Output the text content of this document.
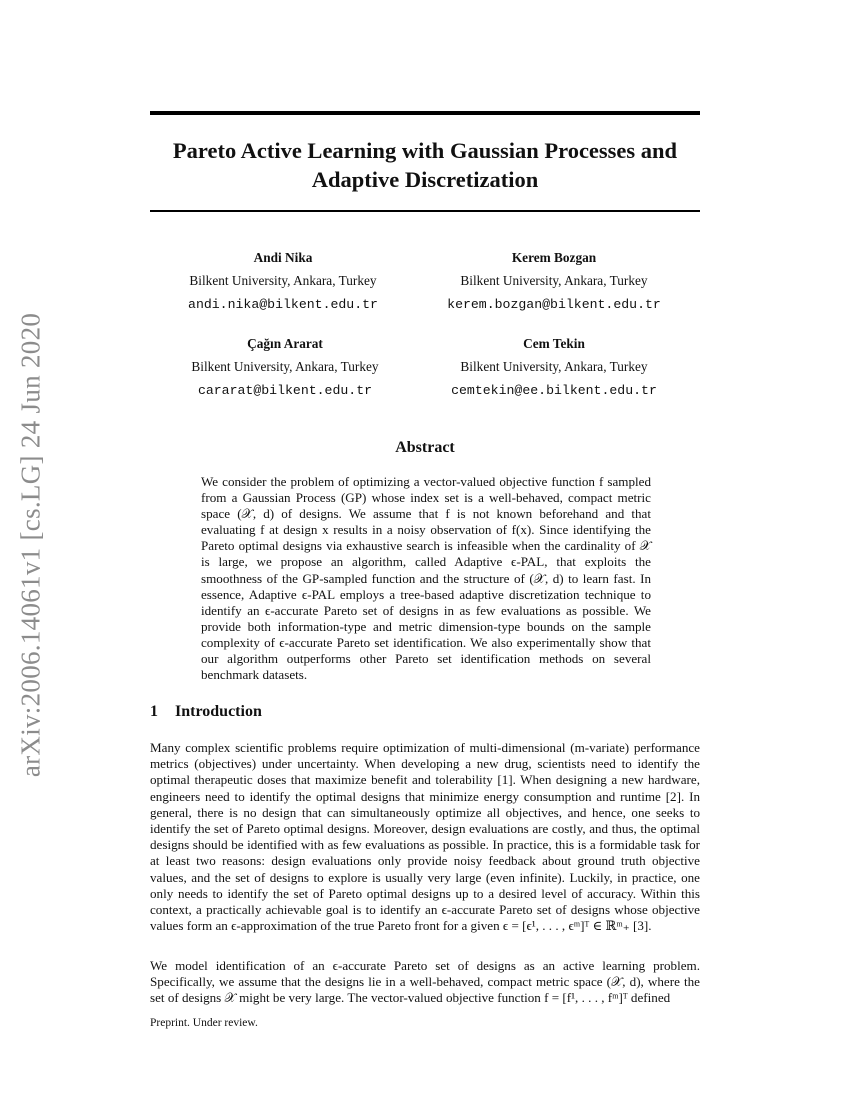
arXiv:2006.14061v1 [cs.LG] 24 Jun 2020
Pareto Active Learning with Gaussian Processes and
Adaptive Discretization
Andi Nika
Bilkent University, Ankara, Turkey
andi.nika@bilkent.edu.tr
Kerem Bozgan
Bilkent University, Ankara, Turkey
kerem.bozgan@bilkent.edu.tr
Çağın Ararat
Bilkent University, Ankara, Turkey
cararat@bilkent.edu.tr
Cem Tekin
Bilkent University, Ankara, Turkey
cemtekin@ee.bilkent.edu.tr
Abstract
We consider the problem of optimizing a vector-valued objective function f sampled from a Gaussian Process (GP) whose index set is a well-behaved, compact metric space (𝒳, d) of designs. We assume that f is not known beforehand and that evaluating f at design x results in a noisy observation of f(x). Since identifying the Pareto optimal designs via exhaustive search is infeasible when the cardinality of 𝒳 is large, we propose an algorithm, called Adaptive ϵ-PAL, that exploits the smoothness of the GP-sampled function and the structure of (𝒳, d) to learn fast. In essence, Adaptive ϵ-PAL employs a tree-based adaptive discretization technique to identify an ϵ-accurate Pareto set of designs in as few evaluations as possible. We provide both information-type and metric dimension-type bounds on the sample complexity of ϵ-accurate Pareto set identification. We also experimentally show that our algorithm outperforms other Pareto set identification methods on several benchmark datasets.
1 Introduction

Many complex scientific problems require optimization of multi-dimensional (m-variate) performance metrics (objectives) under uncertainty. When developing a new drug, scientists need to identify the optimal therapeutic doses that maximize benefit and tolerability [1]. When designing a new hardware, engineers need to identify the optimal designs that minimize energy consumption and runtime [2]. In general, there is no design that can simultaneously optimize all objectives, and hence, one seeks to identify the set of Pareto optimal designs. Moreover, design evaluations are costly, and thus, the optimal designs should be identified with as few evaluations as possible. In practice, this is a formidable task for at least two reasons: design evaluations only provide noisy feedback about ground truth objective values, and the set of designs to explore is usually very large (even infinite). Luckily, in practice, one only needs to identify the set of Pareto optimal designs up to a desired level of accuracy. Within this context, a practically achievable goal is to identify an ϵ-accurate Pareto set of designs whose objective values form an ϵ-approximation of the true Pareto front for a given ϵ = [ϵ¹, . . . , ϵᵐ]ᵀ ∈ ℝᵐ₊ [3].

We model identification of an ϵ-accurate Pareto set of designs as an active learning problem. Specifically, we assume that the designs lie in a well-behaved, compact metric space (𝒳, d), where the set of designs 𝒳 might be very large. The vector-valued objective function f = [f¹, . . . , fᵐ]ᵀ defined

Preprint. Under review.
